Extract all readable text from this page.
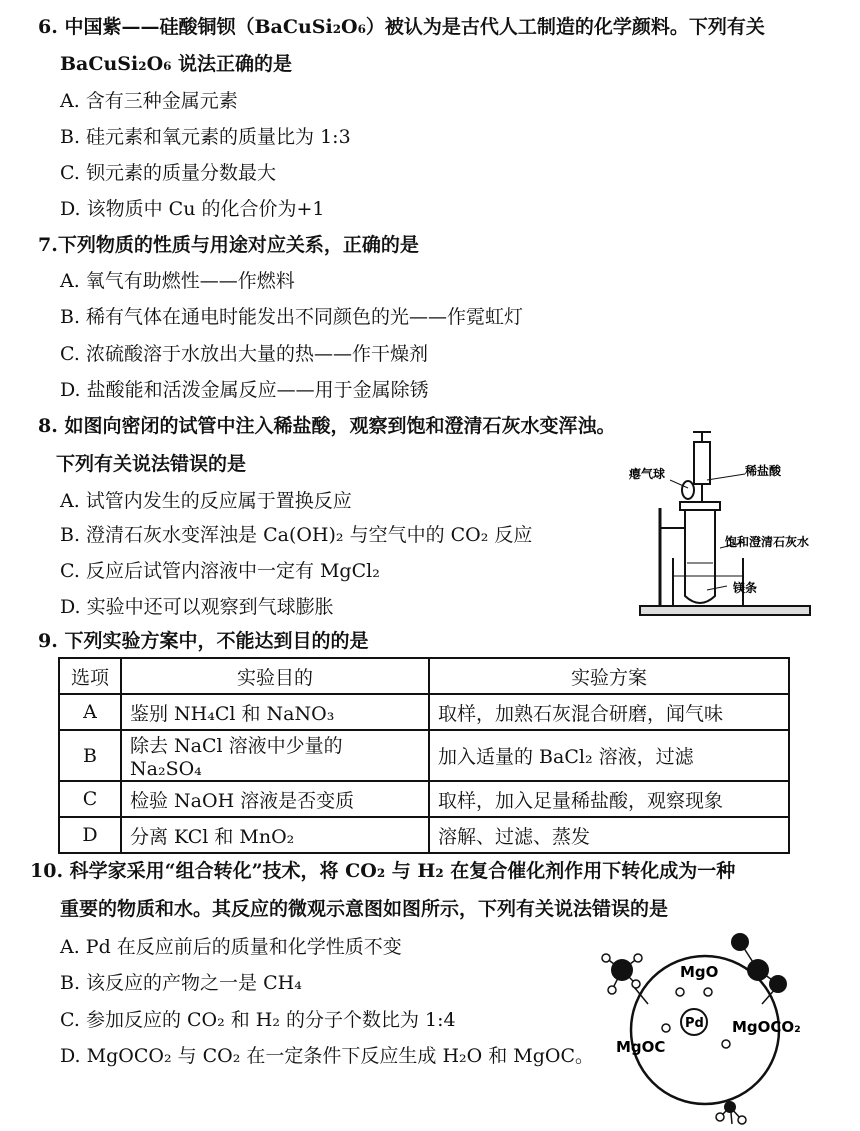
6. 中国紫——硅酸铜钡（BaCuSi₂O₆）被认为是古代人工制造的化学颜料。下列有关
BaCuSi₂O₆ 说法正确的是
A. 含有三种金属元素
B. 硅元素和氧元素的质量比为 1:3
C. 钡元素的质量分数最大
D. 该物质中 Cu 的化合价为+1
7.下列物质的性质与用途对应关系，正确的是
A. 氧气有助燃性——作燃料
B. 稀有气体在通电时能发出不同颜色的光——作霓虹灯
C. 浓硫酸溶于水放出大量的热——作干燥剂
D. 盐酸能和活泼金属反应——用于金属除锈
8. 如图向密闭的试管中注入稀盐酸，观察到饱和澄清石灰水变浑浊。
下列有关说法错误的是
A. 试管内发生的反应属于置换反应
B. 澄清石灰水变浑浊是 Ca(OH)₂ 与空气中的 CO₂ 反应
C. 反应后试管内溶液中一定有 MgCl₂
D. 实验中还可以观察到气球膨胀
瘪气球	稀盐酸
饱和澄清石灰水
镁条
9. 下列实验方案中，不能达到目的的是
选项	实验目的	实验方案
A	鉴别 NH₄Cl 和 NaNO₃	取样，加熟石灰混合研磨，闻气味
B	除去 NaCl 溶液中少量的 Na₂SO₄	加入适量的 BaCl₂ 溶液，过滤
C	检验 NaOH 溶液是否变质	取样，加入足量稀盐酸，观察现象
D	分离 KCl 和 MnO₂	溶解、过滤、蒸发
10. 科学家采用“组合转化”技术，将 CO₂ 与 H₂ 在复合催化剂作用下转化成为一种
重要的物质和水。其反应的微观示意图如图所示，下列有关说法错误的是
A. Pd 在反应前后的质量和化学性质不变
B. 该反应的产物之一是 CH₄
C. 参加反应的 CO₂ 和 H₂ 的分子个数比为 1:4
D. MgOCO₂ 与 CO₂ 在一定条件下反应生成 H₂O 和 MgOC。
MgO
Pd MgOCO₂
MgOC
